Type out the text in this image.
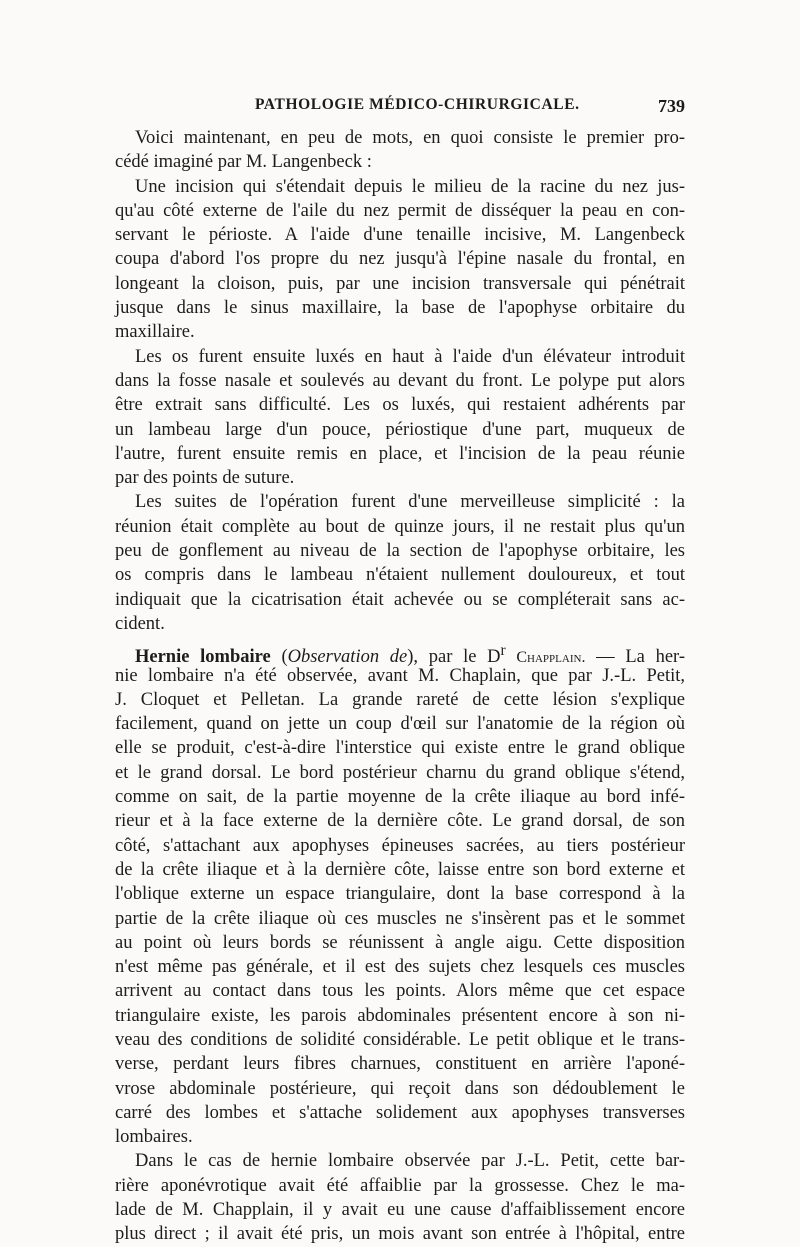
PATHOLOGIE MÉDICO-CHIRURGICALE.	739
Voici maintenant, en peu de mots, en quoi consiste le premier pro-
cédé imaginé par M. Langenbeck :
Une incision qui s'étendait depuis le milieu de la racine du nez jus-
qu'au côté externe de l'aile du nez permit de disséquer la peau en con-
servant le périoste. A l'aide d'une tenaille incisive, M. Langenbeck
coupa d'abord l'os propre du nez jusqu'à l'épine nasale du frontal, en
longeant la cloison, puis, par une incision transversale qui pénétrait
jusque dans le sinus maxillaire, la base de l'apophyse orbitaire du
maxillaire.
Les os furent ensuite luxés en haut à l'aide d'un élévateur introduit
dans la fosse nasale et soulevés au devant du front. Le polype put alors
être extrait sans difficulté. Les os luxés, qui restaient adhérents par
un lambeau large d'un pouce, périostique d'une part, muqueux de
l'autre, furent ensuite remis en place, et l'incision de la peau réunie
par des points de suture.
Les suites de l'opération furent d'une merveilleuse simplicité : la
réunion était complète au bout de quinze jours, il ne restait plus qu'un
peu de gonflement au niveau de la section de l'apophyse orbitaire, les
os compris dans le lambeau n'étaient nullement douloureux, et tout
indiquait que la cicatrisation était achevée ou se compléterait sans ac-
cident.
Hernie lombaire (Observation de), par le $D^r$ Chapplain. — La her-
nie lombaire n'a été observée, avant M. Chaplain, que par J.-L. Petit,
J. Cloquet et Pelletan. La grande rareté de cette lésion s'explique
facilement, quand on jette un coup d'œil sur l'anatomie de la région où
elle se produit, c'est-à-dire l'interstice qui existe entre le grand oblique
et le grand dorsal. Le bord postérieur charnu du grand oblique s'étend,
comme on sait, de la partie moyenne de la crête iliaque au bord infé-
rieur et à la face externe de la dernière côte. Le grand dorsal, de son
côté, s'attachant aux apophyses épineuses sacrées, au tiers postérieur
de la crête iliaque et à la dernière côte, laisse entre son bord externe et
l'oblique externe un espace triangulaire, dont la base correspond à la
partie de la crête iliaque où ces muscles ne s'insèrent pas et le sommet
au point où leurs bords se réunissent à angle aigu. Cette disposition
n'est même pas générale, et il est des sujets chez lesquels ces muscles
arrivent au contact dans tous les points. Alors même que cet espace
triangulaire existe, les parois abdominales présentent encore à son ni-
veau des conditions de solidité considérable. Le petit oblique et le trans-
verse, perdant leurs fibres charnues, constituent en arrière l'aponé-
vrose abdominale postérieure, qui reçoit dans son dédoublement le
carré des lombes et s'attache solidement aux apophyses transverses
lombaires.
Dans le cas de hernie lombaire observée par J.-L. Petit, cette bar-
rière aponévrotique avait été affaiblie par la grossesse. Chez le ma-
lade de M. Chapplain, il y avait eu une cause d'affaiblissement encore
plus direct ; il avait été pris, un mois avant son entrée à l'hôpital, entre
